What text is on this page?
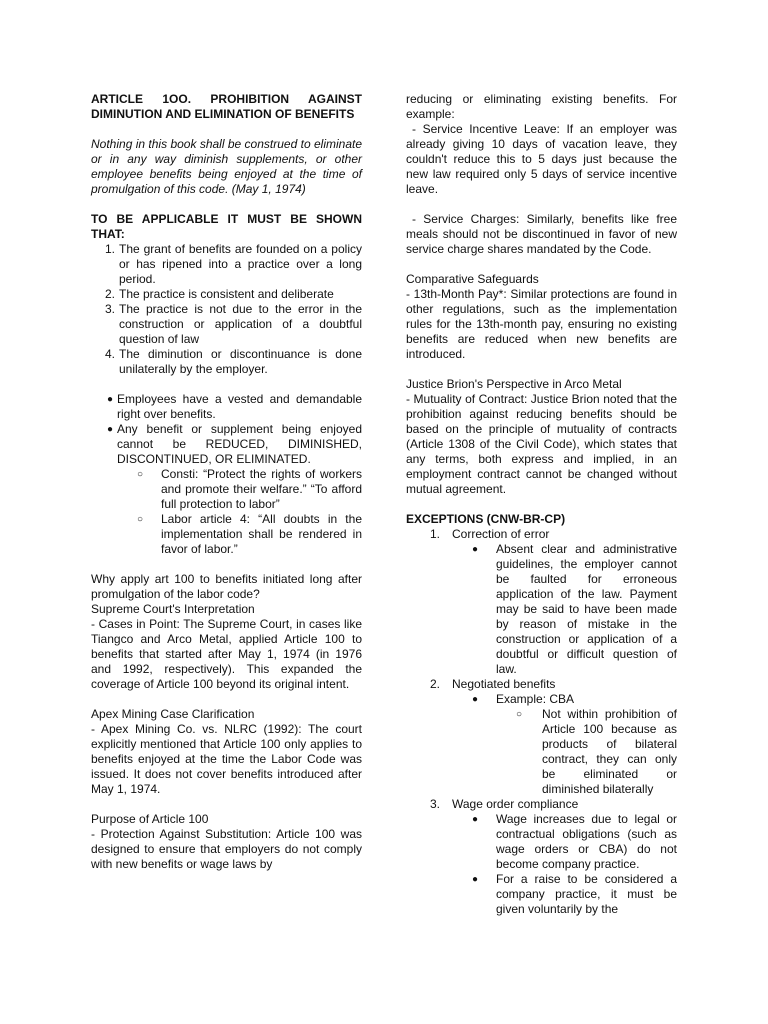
ARTICLE 1OO. PROHIBITION AGAINST DIMINUTION AND ELIMINATION OF BENEFITS

Nothing in this book shall be construed to eliminate or in any way diminish supplements, or other employee benefits being enjoyed at the time of promulgation of this code. (May 1, 1974)

TO BE APPLICABLE IT MUST BE SHOWN THAT:

1. The grant of benefits are founded on a policy or has ripened into a practice over a long period.
2. The practice is consistent and deliberate
3. The practice is not due to the error in the construction or application of a doubtful question of law
4. The diminution or discontinuance is done unilaterally by the employer.
● Employees have a vested and demandable right over benefits.
● Any benefit or supplement being enjoyed cannot be REDUCED, DIMINISHED, DISCONTINUED, OR ELIMINATED.
○	Consti: “Protect the rights of workers and promote their welfare.” “To afford full protection to labor”
○	Labor article 4: “All doubts in the implementation shall be rendered in favor of labor.”

Why apply art 100 to benefits initiated long after promulgation of the labor code?

Supreme Court's Interpretation

- Cases in Point: The Supreme Court, in cases like Tiangco and Arco Metal, applied Article 100 to benefits that started after May 1, 1974 (in 1976 and 1992, respectively). This expanded the coverage of Article 100 beyond its original intent.

Apex Mining Case Clarification

- Apex Mining Co. vs. NLRC (1992): The court explicitly mentioned that Article 100 only applies to benefits enjoyed at the time the Labor Code was issued. It does not cover benefits introduced after May 1, 1974.

Purpose of Article 100

- Protection Against Substitution: Article 100 was designed to ensure that employers do not comply with new benefits or wage laws by

reducing or eliminating existing benefits. For example:

- Service Incentive Leave: If an employer was already giving 10 days of vacation leave, they couldn't reduce this to 5 days just because the new law required only 5 days of service incentive leave.

- Service Charges: Similarly, benefits like free meals should not be discontinued in favor of new service charge shares mandated by the Code.

Comparative Safeguards

- 13th-Month Pay*: Similar protections are found in other regulations, such as the implementation rules for the 13th-month pay, ensuring no existing benefits are reduced when new benefits are introduced.

Justice Brion's Perspective in Arco Metal

- Mutuality of Contract: Justice Brion noted that the prohibition against reducing benefits should be based on the principle of mutuality of contracts (Article 1308 of the Civil Code), which states that any terms, both express and implied, in an employment contract cannot be changed without mutual agreement.

EXCEPTIONS (CNW-BR-CP)

1. Correction of error
●	Absent clear and administrative guidelines, the employer cannot be faulted for erroneous application of the law. Payment may be said to have been made by reason of mistake in the construction or application of a doubtful or difficult question of law.
2. Negotiated benefits
●	Example: CBA
○	Not within prohibition of Article 100 because as products of bilateral contract, they can only be eliminated or diminished bilaterally
3. Wage order compliance
●	Wage increases due to legal or contractual obligations (such as wage orders or CBA) do not become company practice.
●	For a raise to be considered a company practice, it must be given voluntarily by the
